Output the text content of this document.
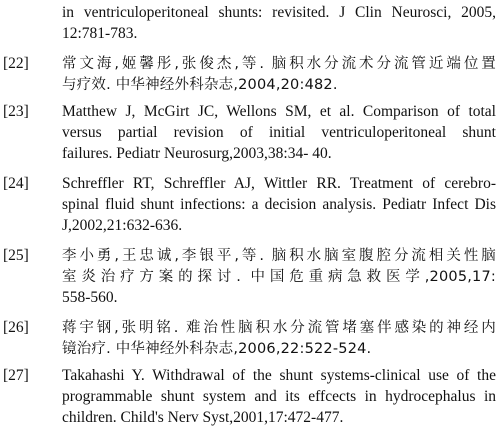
in ventriculoperitoneal shunts: revisited. J Clin Neurosci, 2005,
12:781-783.
[22] 常文海,姬馨彤,张俊杰,等. 脑积水分流术分流管近端位置
与疗效. 中华神经外科杂志,2004,20:482.
[23] Matthew J, McGirt JC, Wellons SM, et al. Comparison of total
versus partial revision of initial ventriculoperitoneal shunt
failures. Pediatr Neurosurg,2003,38:34- 40.
[24] Schreffler RT, Schreffler AJ, Wittler RR. Treatment of cerebro-
spinal fluid shunt infections: a decision analysis. Pediatr Infect Dis
J,2002,21:632-636.
[25] 李小勇,王忠诚,李银平,等. 脑积水脑室腹腔分流相关性脑
室炎治疗方案的探讨. 中国危重病急救医学,2005,17:
558-560.
[26] 蒋宇钢,张明铭. 难治性脑积水分流管堵塞伴感染的神经内
镜治疗. 中华神经外科杂志,2006,22:522-524.
[27] Takahashi Y. Withdrawal of the shunt systems-clinical use of the
programmable shunt system and its effcects in hydrocephalus in
children. Child's Nerv Syst,2001,17:472-477.
